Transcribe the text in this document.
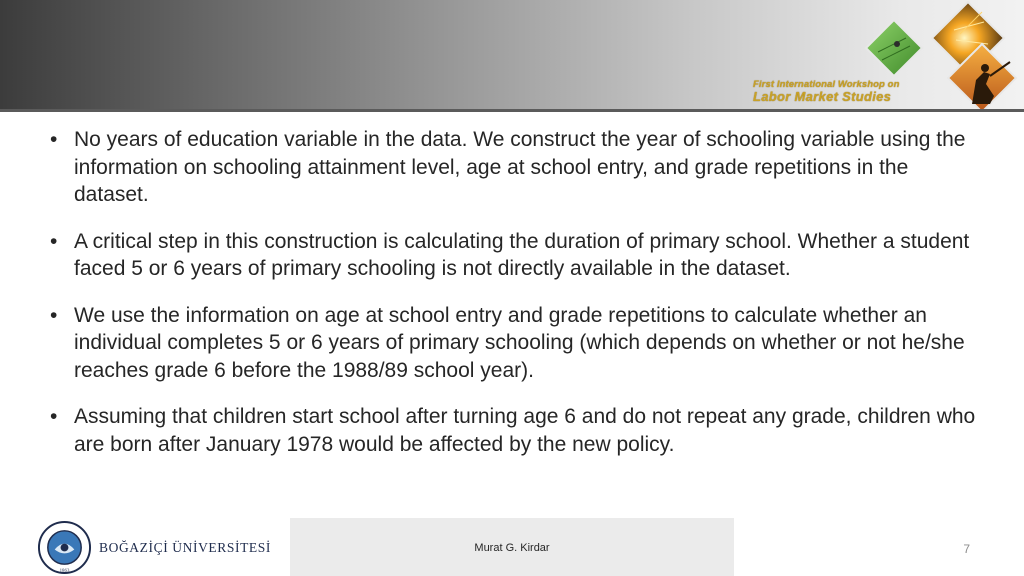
First International Workshop on
Labor Market Studies
• No years of education variable in the data. We construct the year of schooling variable using the information on schooling attainment level, age at school entry, and grade repetitions in the dataset.
• A critical step in this construction is calculating the duration of primary school. Whether a student faced 5 or 6 years of primary schooling is not directly available in the dataset.
• We use the information on age at school entry and grade repetitions to calculate whether an individual completes 5 or 6 years of primary schooling (which depends on whether or not he/she reaches grade 6 before the 1988/89 school year).
• Assuming that children start school after turning age 6 and do not repeat any grade, children who are born after January 1978 would be affected by the new policy.
1863
BOĞAZİÇİ ÜNİVERSİTESİ	Murat G. Kirdar	7
